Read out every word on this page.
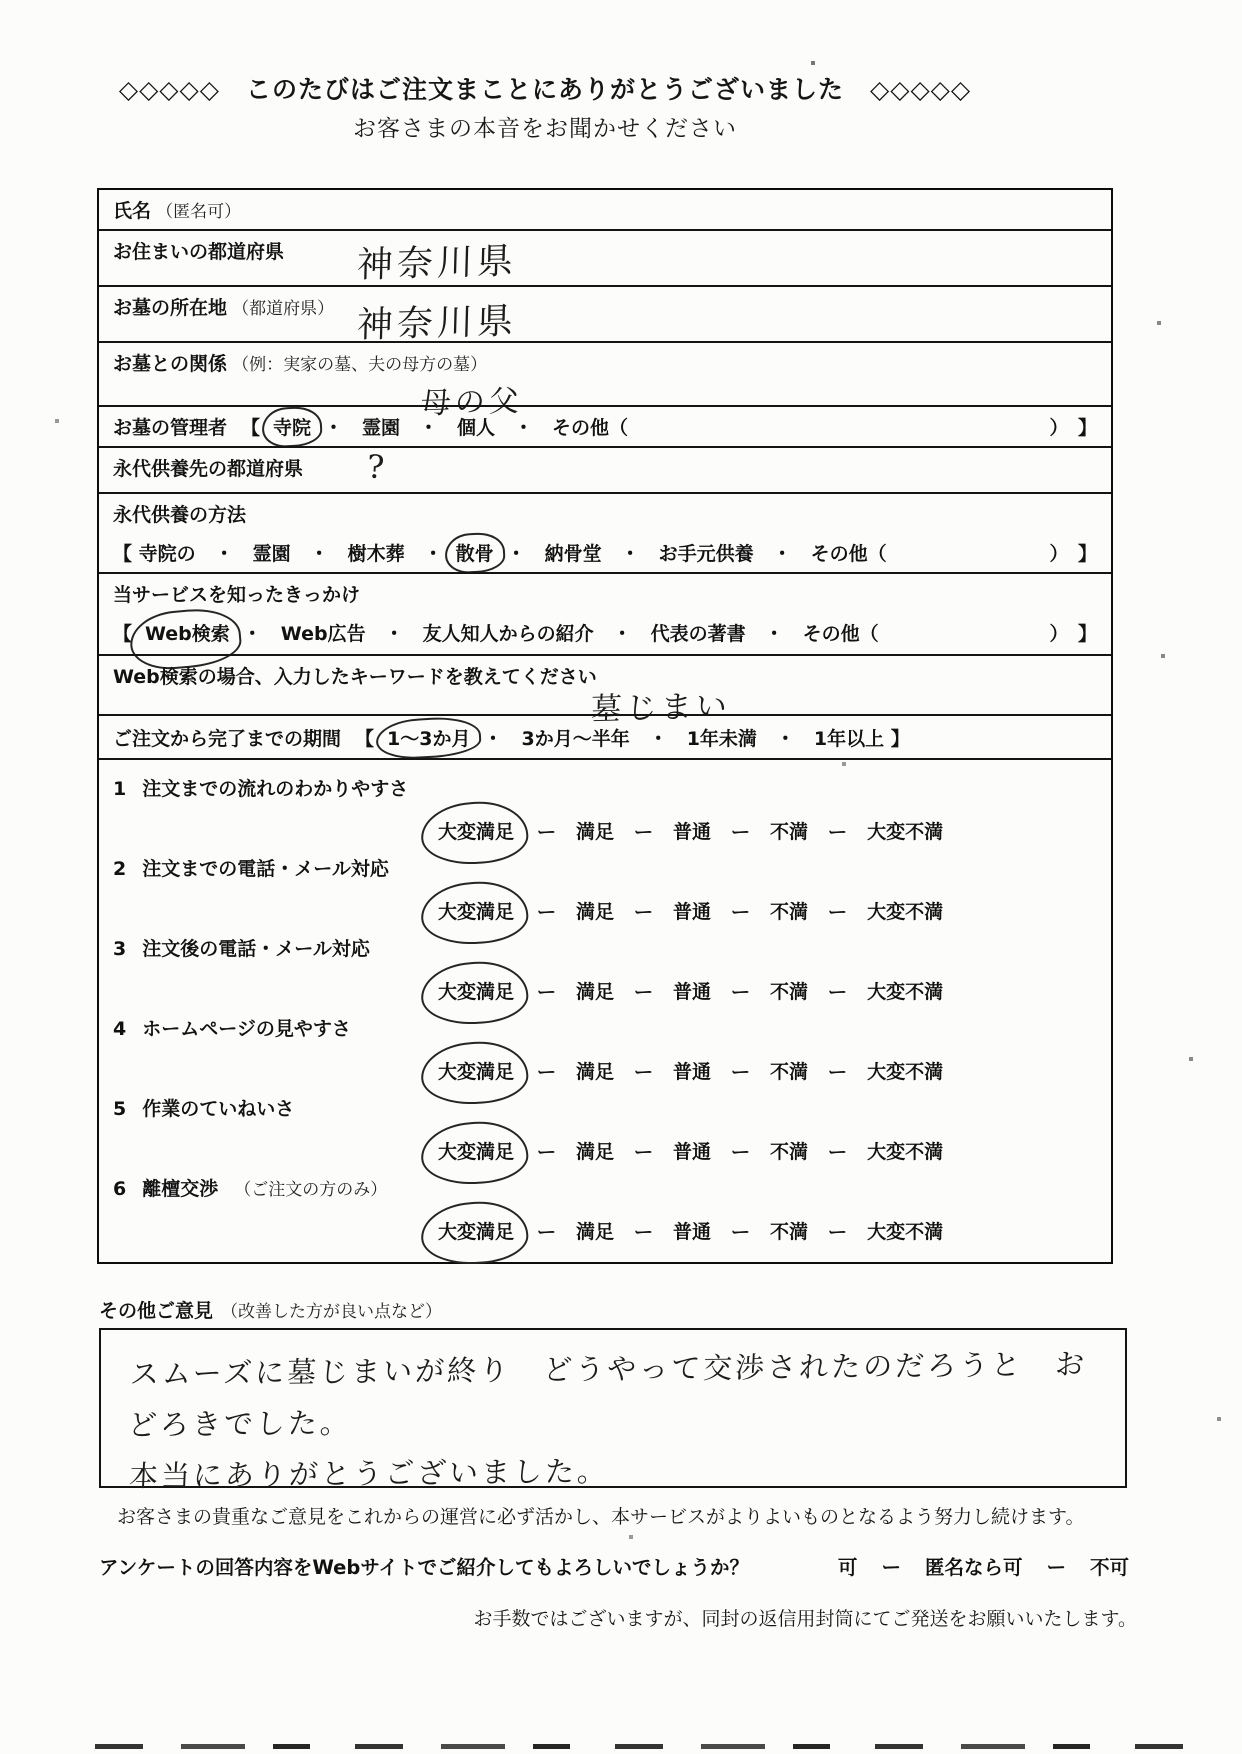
◇◇◇◇◇　このたびはご注文まことにありがとうございました　◇◇◇◇◇
お客さまの本音をお聞かせください
氏名 （匿名可）
お住まいの都道府県 神奈川県
お墓の所在地 （都道府県） 神奈川県
お墓との関係 （例：実家の墓、夫の母方の墓）
母の父
お墓の管理者 【 寺院 ・　霊園　・　個人　・　その他（	）　】
永代供養先の都道府県 ?
永代供養の方法
【 寺院の　・　霊園　・　樹木葬　・ 散骨 ・　納骨堂　・　お手元供養　・　その他（	）　】
当サービスを知ったきっかけ
【 Web検索 ・　Web広告　・　友人知人からの紹介　・　代表の著書　・　その他（	）　】
Web検索の場合、入力したキーワードを教えてください
墓じまい
ご注文から完了までの期間 【 1〜3か月 ・　3か月〜半年　・　1年未満　・　1年以上 】
1 注文までの流れのわかりやすさ
大変満足 ー 満足 ー 普通 ー 不満 ー 大変不満
2 注文までの電話・メール対応
大変満足 ー 満足 ー 普通 ー 不満 ー 大変不満
3 注文後の電話・メール対応
大変満足 ー 満足 ー 普通 ー 不満 ー 大変不満
4 ホームページの見やすさ
大変満足 ー 満足 ー 普通 ー 不満 ー 大変不満
5 作業のていねいさ
大変満足 ー 満足 ー 普通 ー 不満 ー 大変不満
6 離檀交渉 （ご注文の方のみ）
大変満足 ー 満足 ー 普通 ー 不満 ー 大変不満
その他ご意見 （改善した方が良い点など）
スムーズに墓じまいが終り　どうやって交渉されたのだろうと　おどろきでした。
本当にありがとうございました。
お客さまの貴重なご意見をこれからの運営に必ず活かし、本サービスがよりよいものとなるよう努力し続けます。
アンケートの回答内容をWebサイトでご紹介してもよろしいでしょうか？	可 ー 匿名なら可 ー 不可
お手数ではございますが、同封の返信用封筒にてご発送をお願いいたします。
